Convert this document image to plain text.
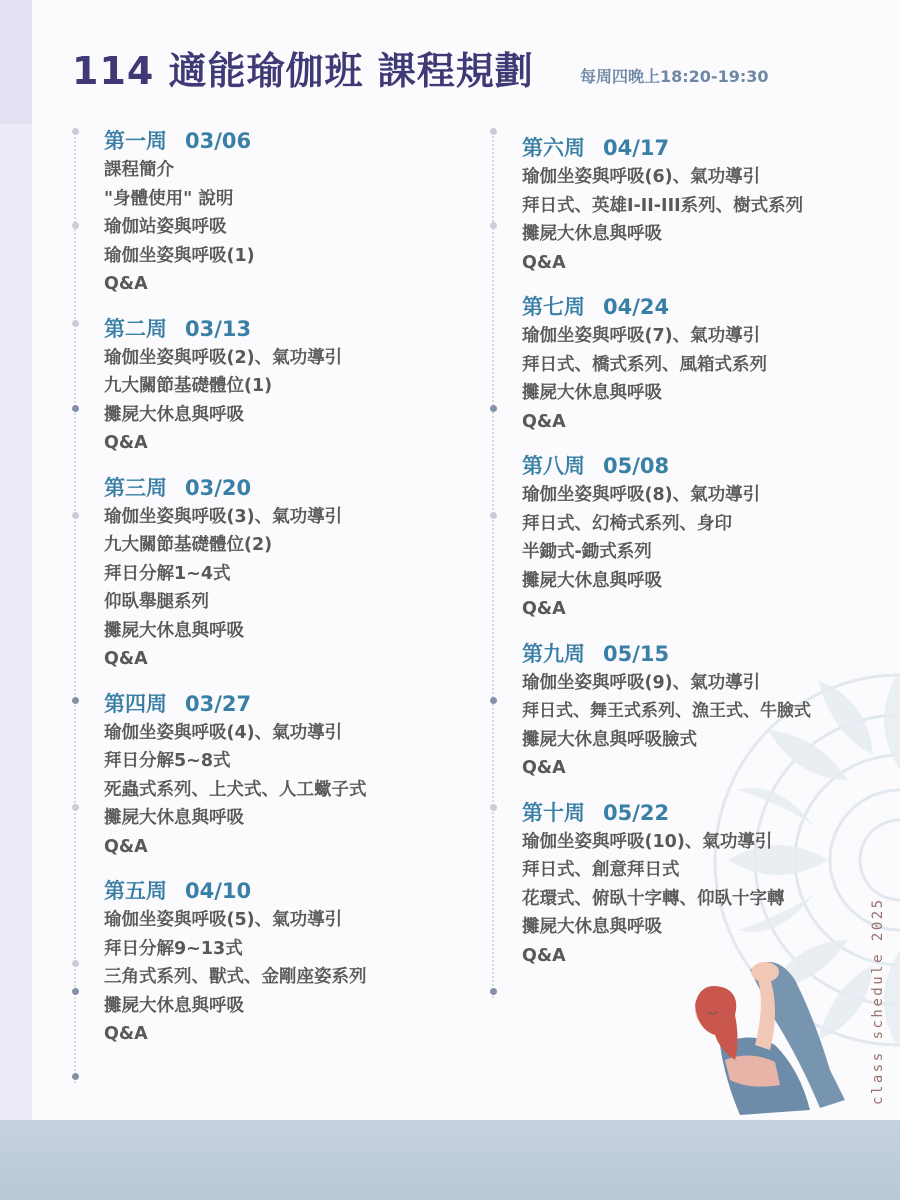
114 適能瑜伽班 課程規劃	每周四晚上18:20-19:30
第一周 03/06
課程簡介
"身體使用" 說明
瑜伽站姿與呼吸
瑜伽坐姿與呼吸(1)
Q&A
第二周 03/13
瑜伽坐姿與呼吸(2)、氣功導引
九大關節基礎體位(1)
攤屍大休息與呼吸
Q&A
第三周 03/20
瑜伽坐姿與呼吸(3)、氣功導引
九大關節基礎體位(2)
拜日分解1~4式
仰臥舉腿系列
攤屍大休息與呼吸
Q&A
第四周 03/27
瑜伽坐姿與呼吸(4)、氣功導引
拜日分解5~8式
死蟲式系列、上犬式、人工蠍子式
攤屍大休息與呼吸
Q&A
第五周 04/10
瑜伽坐姿與呼吸(5)、氣功導引
拜日分解9~13式
三角式系列、獸式、金剛座姿系列
攤屍大休息與呼吸
Q&A
第六周 04/17
瑜伽坐姿與呼吸(6)、氣功導引
拜日式、英雄I-II-III系列、樹式系列
攤屍大休息與呼吸
Q&A
第七周 04/24
瑜伽坐姿與呼吸(7)、氣功導引
拜日式、橋式系列、風箱式系列
攤屍大休息與呼吸
Q&A
第八周 05/08
瑜伽坐姿與呼吸(8)、氣功導引
拜日式、幻椅式系列、身印
半鋤式-鋤式系列
攤屍大休息與呼吸
Q&A
第九周 05/15
瑜伽坐姿與呼吸(9)、氣功導引
拜日式、舞王式系列、漁王式、牛臉式
攤屍大休息與呼吸臉式
Q&A
第十周 05/22
瑜伽坐姿與呼吸(10)、氣功導引
拜日式、創意拜日式
花環式、俯臥十字轉、仰臥十字轉
攤屍大休息與呼吸
Q&A	class schedule 2025
